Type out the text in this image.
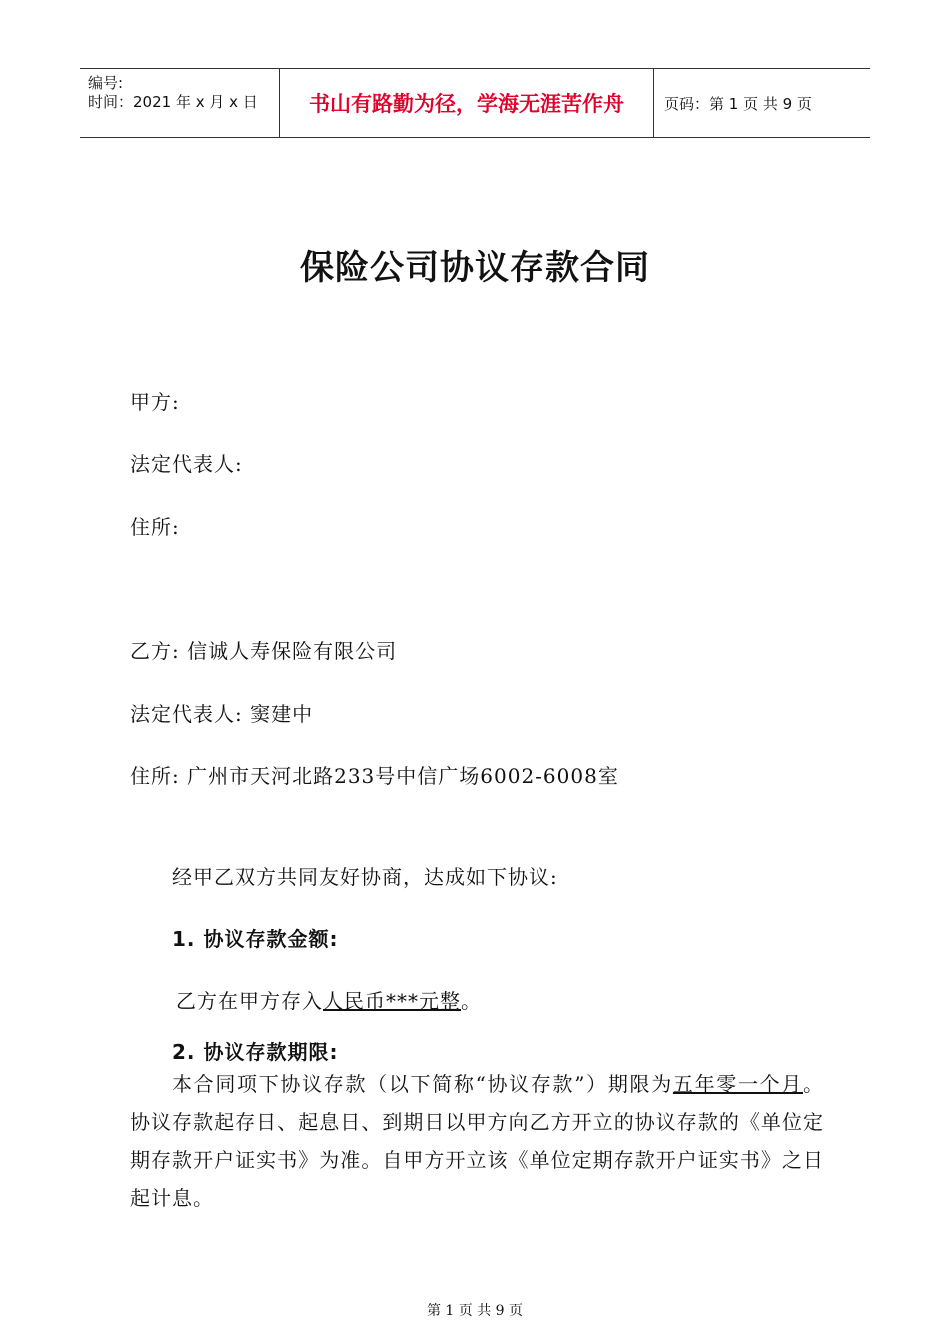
编号:
时间：2021 年 x 月 x 日	书山有路勤为径，学海无涯苦作舟	页码：第 1 页 共 9 页
保险公司协议存款合同
甲方:
法定代表人:
住所:
乙方: 信诚人寿保险有限公司
法定代表人: 窦建中
住所: 广州市天河北路233号中信广场6002-6008室
经甲乙双方共同友好协商，达成如下协议:
1. 协议存款金额:
乙方在甲方存入人民币***元整。
2. 协议存款期限:
本合同项下协议存款（以下简称“协议存款”）期限为五年零一个月。协议存款起存日、起息日、到期日以甲方向乙方开立的协议存款的《单位定期存款开户证实书》为准。自甲方开立该《单位定期存款开户证实书》之日起计息。
第 1 页 共 9 页
